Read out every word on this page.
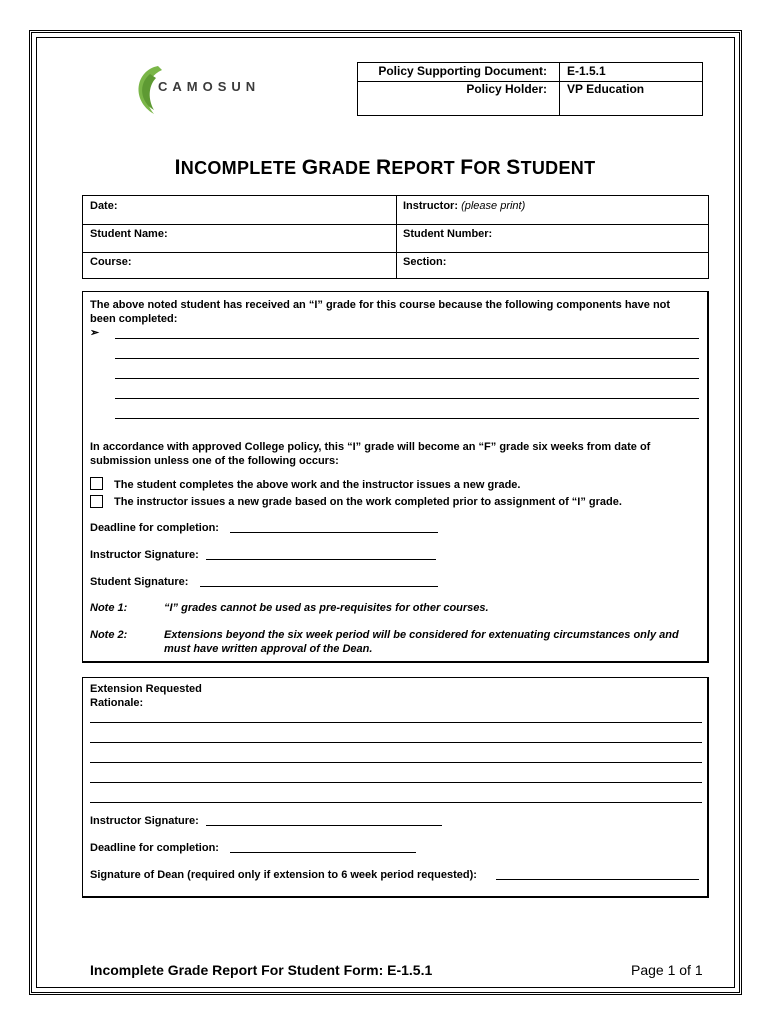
CAMOSUN
Policy Supporting Document: E-1.5.1
Policy Holder: VP Education
INCOMPLETE GRADE REPORT FOR STUDENT
Date:	Instructor: (please print)
Student Name:	Student Number:
Course:	Section:
The above noted student has received an “I” grade for this course because the following components have not
been completed:
➢
In accordance with approved College policy, this “I” grade will become an “F” grade six weeks from date of
submission unless one of the following occurs:
The student completes the above work and the instructor issues a new grade.
The instructor issues a new grade based on the work completed prior to assignment of “I” grade.
Deadline for completion:
Instructor Signature:
Student Signature:
Note 1:	“I” grades cannot be used as pre-requisites for other courses.
Note 2:	Extensions beyond the six week period will be considered for extenuating circumstances only and
must have written approval of the Dean.
Extension Requested
Rationale:
Instructor Signature:
Deadline for completion:
Signature of Dean (required only if extension to 6 week period requested):
Incomplete Grade Report For Student Form: E-1.5.1	Page 1 of 1
